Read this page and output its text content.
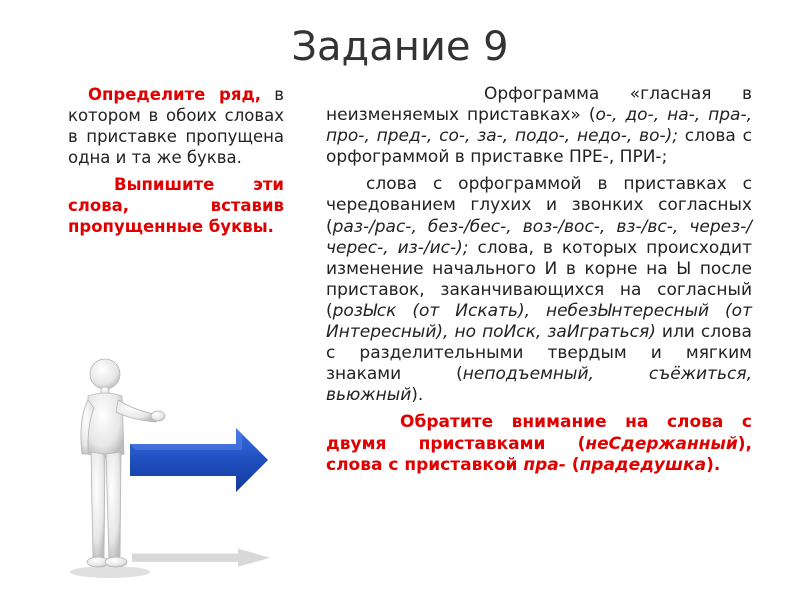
Задание 9

Определите ряд, в котором в обоих словах в приставке пропущена одна и та же буква.

Выпишите эти слова, вставив пропущенные буквы.

Орфограмма «гласная в неизменяемых приставках» (о-, до-, на-, пра-, про-, пред-, со-, за-, подо-, недо-, во-); слова с орфограммой в приставке ПРЕ-, ПРИ-;

слова с орфограммой в приставках с чередованием глухих и звонких согласных (раз-/рас-, без-/бес-, воз-/вос-, вз-/вс-, через-/черес-, из-/ис-); слова, в которых происходит изменение начального И в корне на Ы после приставок, заканчивающихся на согласный (розЫск (от Искать), небезЫнтересный (от Интересный), но поИск, заИграться) или слова с разделительными твердым и мягким знаками (неподъемный, съёжиться, вьюжный).

Обратите внимание на слова с двумя приставками (неСдержанный), слова с приставкой пра- (прадедушка).
